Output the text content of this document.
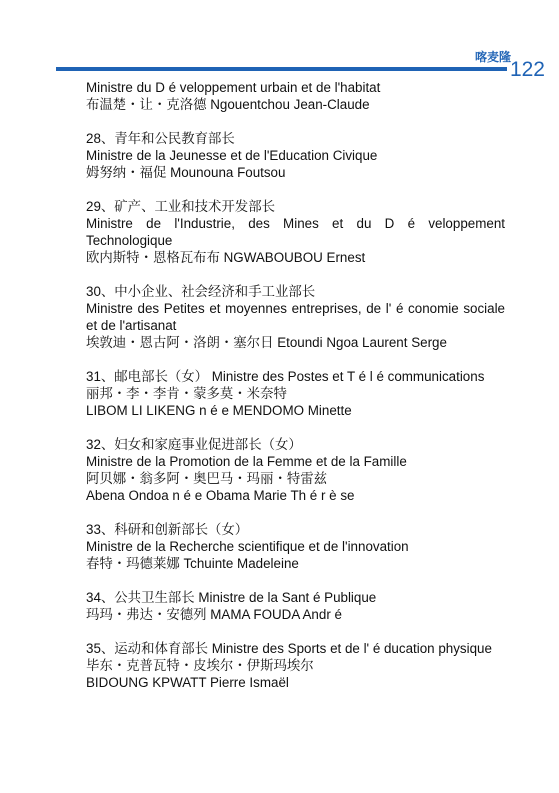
喀麦隆
122
Ministre du D é veloppement urbain et de l'habitat
布温楚・让・克洛德 Ngouentchou Jean-Claude
28、青年和公民教育部长
Ministre de la Jeunesse et de l'Education Civique
姆努纳・福促 Mounouna Foutsou
29、矿产、工业和技术开发部长
Ministre de l'Industrie, des Mines et du D é veloppement Technologique
欧内斯特・恩格瓦布布 NGWABOUBOU Ernest
30、中小企业、社会经济和手工业部长
Ministre des Petites et moyennes entreprises, de l' é conomie sociale et de l'artisanat
埃敦迪・恩古阿・洛朗・塞尔日 Etoundi Ngoa Laurent Serge
31、邮电部长（女） Ministre des Postes et T é l é communications
丽邦・李・李肯・蒙多莫・米奈特
LIBOM LI LIKENG n é e MENDOMO Minette
32、妇女和家庭事业促进部长（女）
Ministre de la Promotion de la Femme et de la Famille
阿贝娜・翁多阿・奥巴马・玛丽・特雷兹
Abena Ondoa n é e Obama Marie Th é r è se
33、科研和创新部长（女）
Ministre de la Recherche scientifique et de l'innovation
春特・玛德莱娜 Tchuinte Madeleine
34、公共卫生部长 Ministre de la Sant é Publique
玛玛・弗达・安德列 MAMA FOUDA Andr é
35、运动和体育部长 Ministre des Sports et de l' é ducation physique
毕东・克普瓦特・皮埃尔・伊斯玛埃尔
BIDOUNG KPWATT Pierre Ismaël
